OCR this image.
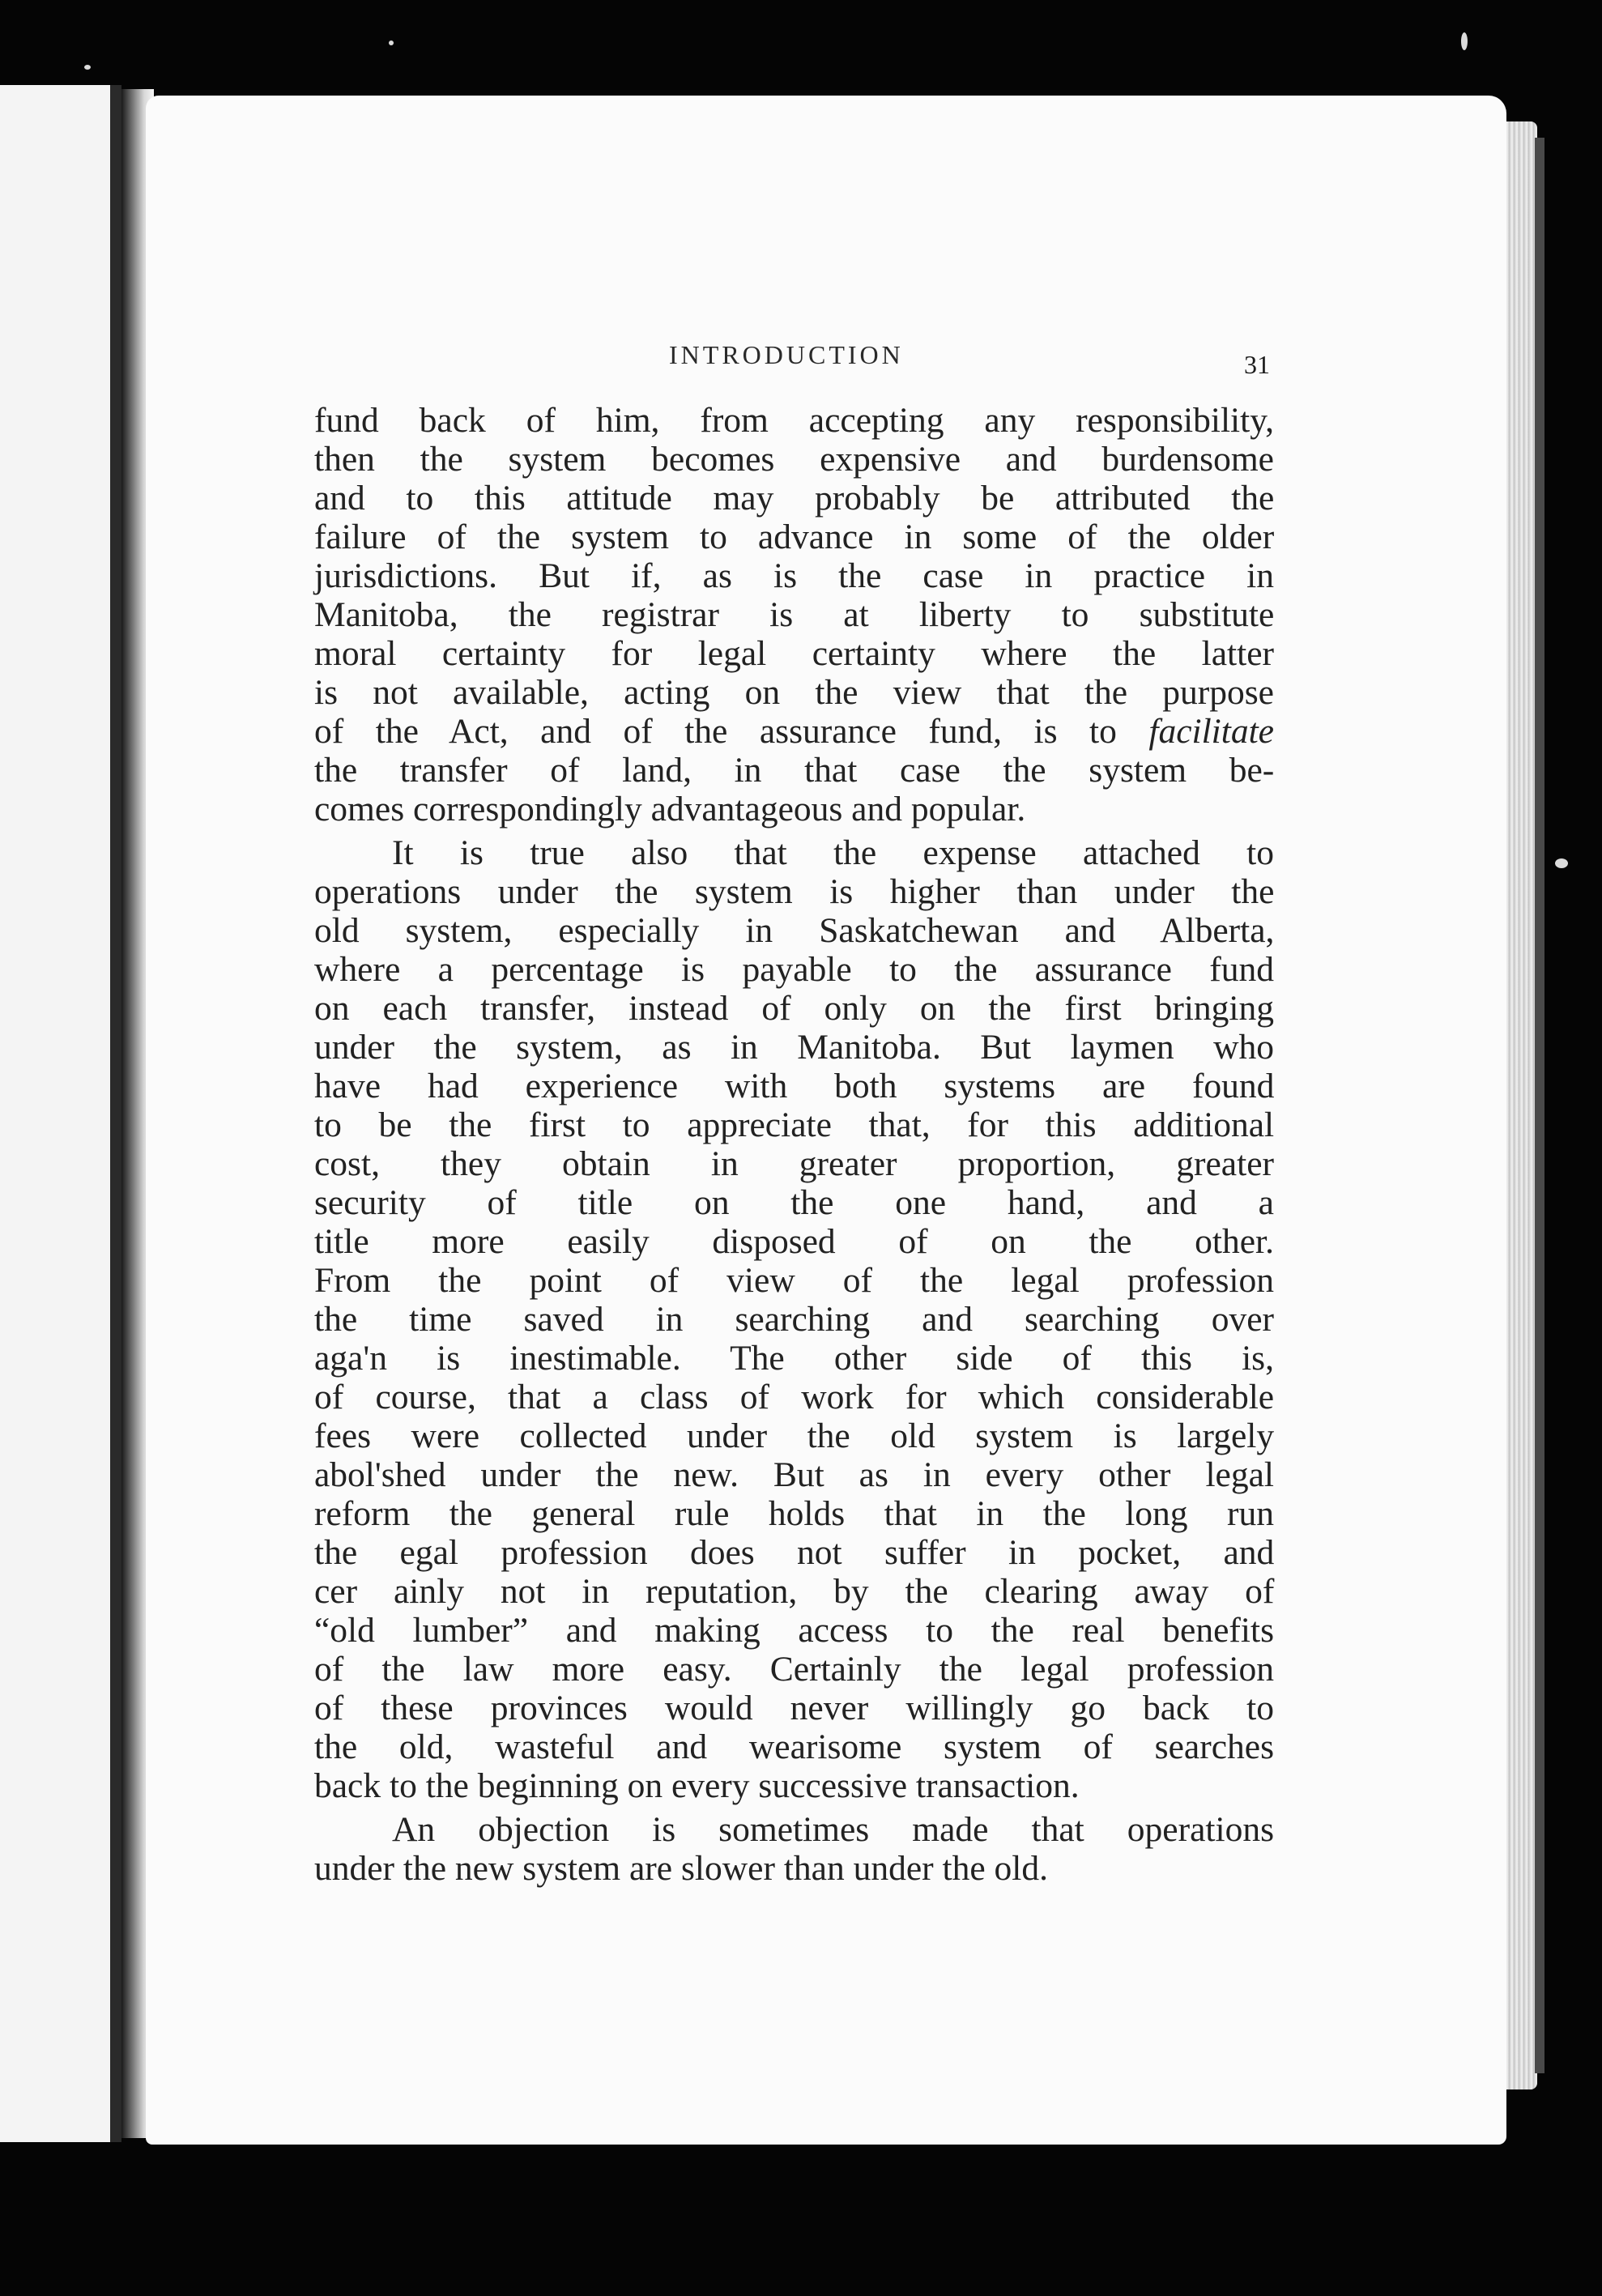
INTRODUCTION	31

fund back of him, from accepting any responsibility,
then the system becomes expensive and burdensome
and to this attitude may probably be attributed the
failure of the system to advance in some of the older
jurisdictions. But if, as is the case in practice in
Manitoba, the registrar is at liberty to substitute
moral certainty for legal certainty where the latter
is not available, acting on the view that the purpose
of the Act, and of the assurance fund, is to facilitate
the transfer of land, in that case the system be-
comes correspondingly advantageous and popular.

It is true also that the expense attached to
operations under the system is higher than under the
old system, especially in Saskatchewan and Alberta,
where a percentage is payable to the assurance fund
on each transfer, instead of only on the first bringing
under the system, as in Manitoba. But laymen who
have had experience with both systems are found
to be the first to appreciate that, for this additional
cost, they obtain in greater proportion, greater
security of title on the one hand, and a
title more easily disposed of on the other.
From the point of view of the legal profession
the time saved in searching and searching over
aga'n is inestimable. The other side of this is,
of course, that a class of work for which considerable
fees were collected under the old system is largely
abol'shed under the new. But as in every other legal
reform the general rule holds that in the long run
the egal profession does not suffer in pocket, and
cer ainly not in reputation, by the clearing away of
“old lumber” and making access to the real benefits
of the law more easy. Certainly the legal profession
of these provinces would never willingly go back to
the old, wasteful and wearisome system of searches
back to the beginning on every successive transaction.

An objection is sometimes made that operations
under the new system are slower than under the old.
